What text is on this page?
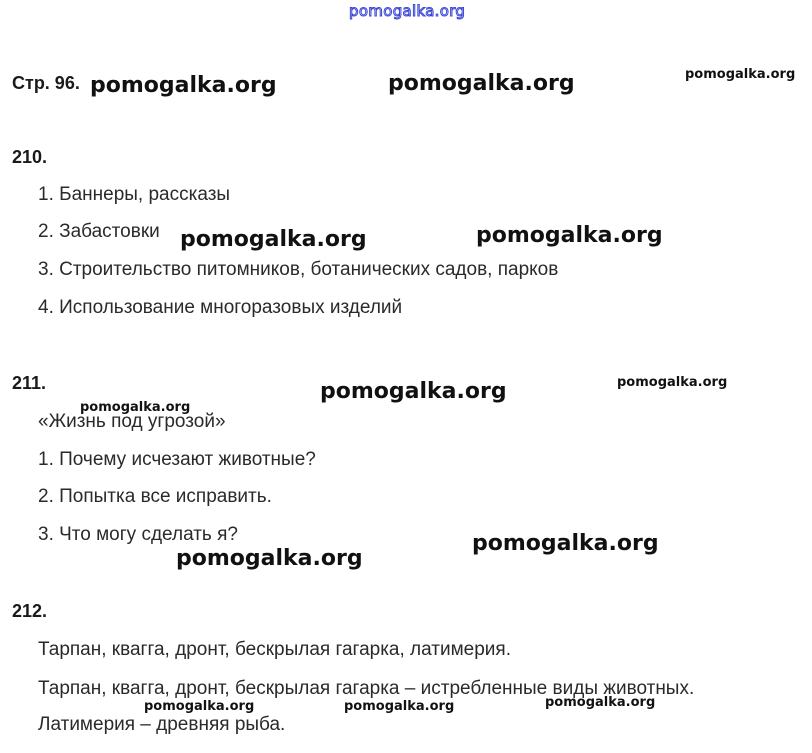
pomogalka.org
Стр. 96. pomogalka.org	pomogalka.org	pomogalka.org
210.
1. Баннеры, рассказы
2. Забастовки
3. Строительство питомников, ботанических садов, парков
4. Использование многоразовых изделий
pomogalka.org	pomogalka.org
211.	pomogalka.org	pomogalka.org
«Жизнь под угрозой»
pomogalka.org
1. Почему исчезают животные?
2. Попытка все исправить.
3. Что могу сделать я?
pomogalka.org
pomogalka.org
212.
Тарпан, квагга, дронт, бескрылая гагарка, латимерия.
Тарпан, квагга, дронт, бескрылая гагарка – истребленные виды животных.
Латимерия – древняя рыба.
pomogalka.org	pomogalka.org	pomogalka.org
